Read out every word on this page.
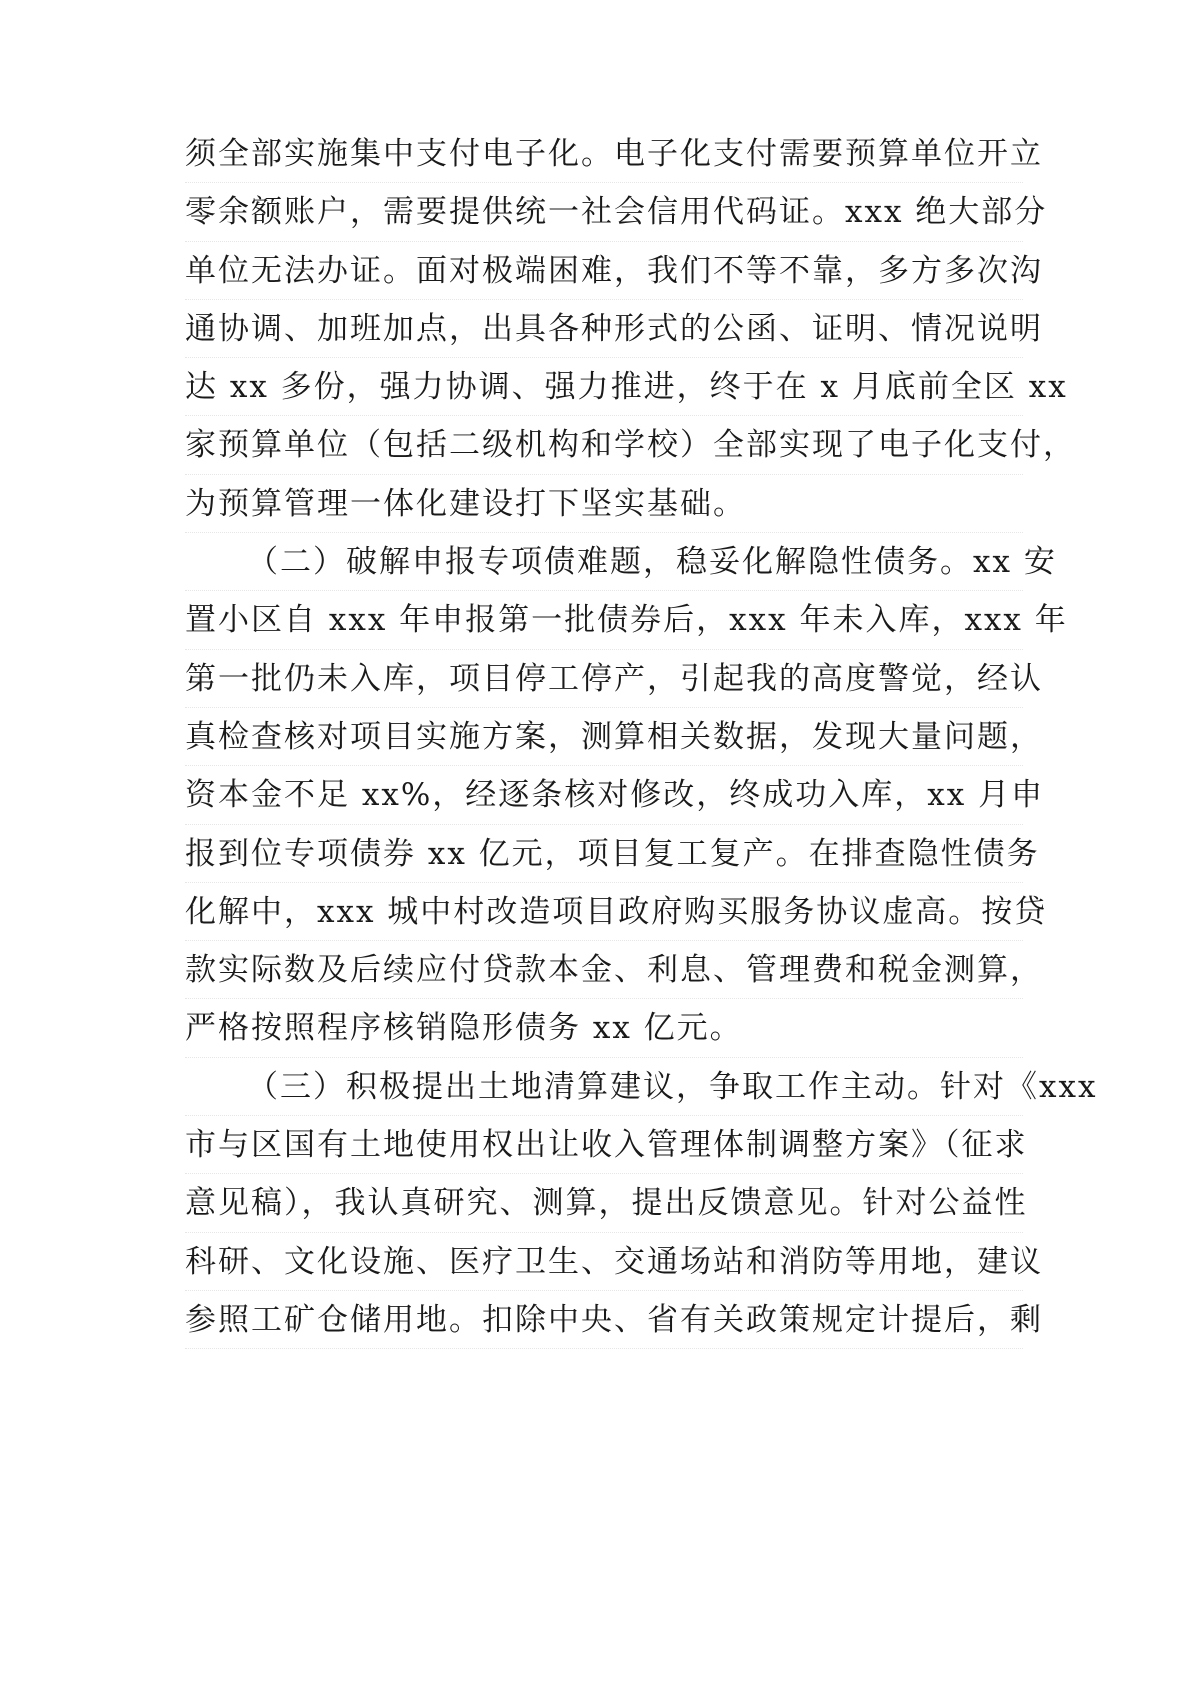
须全部实施集中支付电子化。电子化支付需要预算单位开立
零余额账户，需要提供统一社会信用代码证。xxx 绝大部分
单位无法办证。面对极端困难，我们不等不靠，多方多次沟
通协调、加班加点，出具各种形式的公函、证明、情况说明
达 xx 多份，强力协调、强力推进，终于在 x 月底前全区 xx
家预算单位（包括二级机构和学校）全部实现了电子化支付，
为预算管理一体化建设打下坚实基础。
（二）破解申报专项债难题，稳妥化解隐性债务。xx 安
置小区自 xxx 年申报第一批债券后，xxx 年未入库，xxx 年
第一批仍未入库，项目停工停产，引起我的高度警觉，经认
真检查核对项目实施方案，测算相关数据，发现大量问题，
资本金不足 xx%，经逐条核对修改，终成功入库，xx 月申
报到位专项债券 xx 亿元，项目复工复产。在排查隐性债务
化解中，xxx 城中村改造项目政府购买服务协议虚高。按贷
款实际数及后续应付贷款本金、利息、管理费和税金测算，
严格按照程序核销隐形债务 xx 亿元。
（三）积极提出土地清算建议，争取工作主动。针对《xxx
市与区国有土地使用权出让收入管理体制调整方案》（征求
意见稿），我认真研究、测算，提出反馈意见。针对公益性
科研、文化设施、医疗卫生、交通场站和消防等用地，建议
参照工矿仓储用地。扣除中央、省有关政策规定计提后，剩
